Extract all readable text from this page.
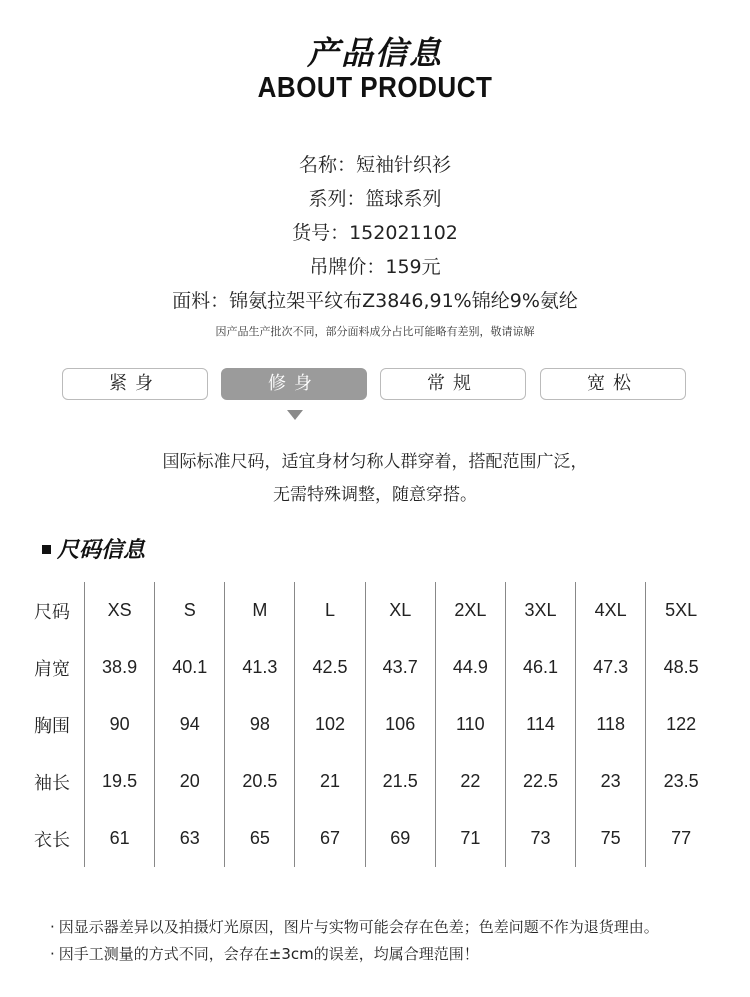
产品信息
ABOUT PRODUCT
名称：短袖针织衫
系列：篮球系列
货号：152021102
吊牌价：159元
面料：锦氨拉架平纹布Z3846,91%锦纶9%氨纶
因产品生产批次不同，部分面料成分占比可能略有差别，敬请谅解
紧身	修身	常规	宽松
国际标准尺码，适宜身材匀称人群穿着，搭配范围广泛，
无需特殊调整，随意穿搭。
尺码信息
尺码	XS	S	M	L	XL	2XL	3XL	4XL	5XL
肩宽	38.9	40.1	41.3	42.5	43.7	44.9	46.1	47.3	48.5
胸围	90	94	98	102	106	110	114	118	122
袖长	19.5	20	20.5	21	21.5	22	22.5	23	23.5
衣长	61	63	65	67	69	71	73	75	77
· 因显示器差异以及拍摄灯光原因，图片与实物可能会存在色差；色差问题不作为退货理由。
· 因手工测量的方式不同，会存在±3cm的误差，均属合理范围！
